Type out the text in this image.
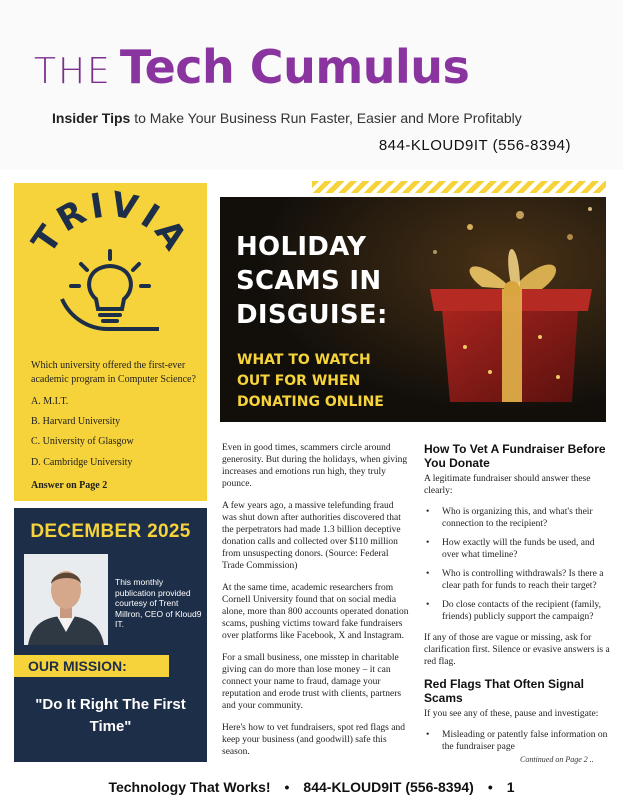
THE Tech Cumulus
Insider Tips to Make Your Business Run Faster, Easier and More Profitably
844-KLOUD9IT (556-8394)
TRIVIA
Which university offered the first-ever academic program in Computer Science?
A. M.I.T.
B. Harvard University
C. University of Glasgow
D. Cambridge University
Answer on Page 2
DECEMBER 2025
This monthly publication provided courtesy of Trent Millron, CEO of Kloud9 IT.
OUR MISSION:
"Do It Right The First Time"
HOLIDAY
SCAMS IN
DISGUISE:
WHAT TO WATCH
OUT FOR WHEN
DONATING ONLINE

Even in good times, scammers circle around generosity. But during the holidays, when giving increases and emotions run high, they truly pounce.

A few years ago, a massive telefunding fraud was shut down after authorities discovered that the perpetrators had made 1.3 billion deceptive donation calls and collected over $110 million from unsuspecting donors. (Source: Federal Trade Commission)

At the same time, academic researchers from Cornell University found that on social media alone, more than 800 accounts operated donation scams, pushing victims toward fake fundraisers over platforms like Facebook, X and Instagram.

For a small business, one misstep in charitable giving can do more than lose money – it can connect your name to fraud, damage your reputation and erode trust with clients, partners and your community.

Here's how to vet fundraisers, spot red flags and keep your business (and goodwill) safe this season.

How To Vet A Fundraiser Before You Donate

A legitimate fundraiser should answer these clearly:

• Who is organizing this, and what's their connection to the recipient?
• How exactly will the funds be used, and over what timeline?
• Who is controlling withdrawals? Is there a clear path for funds to reach their target?
• Do close contacts of the recipient (family, friends) publicly support the campaign?

If any of those are vague or missing, ask for clarification first. Silence or evasive answers is a red flag.

Red Flags That Often Signal Scams

If you see any of these, pause and investigate:

• Misleading or patently false information on the fundraiser page
Continued on Page 2 ..
Technology That Works! • 844-KLOUD9IT (556-8394) • 1
